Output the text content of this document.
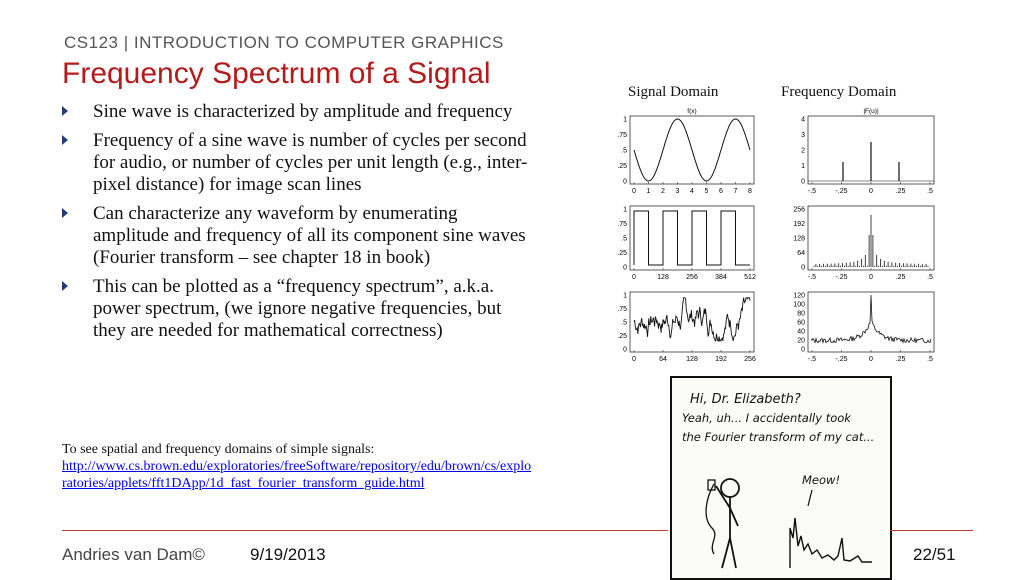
CS123 | INTRODUCTION TO COMPUTER GRAPHICS
Frequency Spectrum of a Signal
Sine wave is characterized by amplitude and frequency
Frequency of a sine wave is number of cycles per second for audio, or number of cycles per unit length (e.g., inter-pixel distance) for image scan lines
Can characterize any waveform by enumerating amplitude and frequency of all its component sine waves (Fourier transform – see chapter 18 in book)
This can be plotted as a “frequency spectrum”, a.k.a. power spectrum, (we ignore negative frequencies, but they are needed for mathematical correctness)
To see spatial and frequency domains of simple signals:
http://www.cs.brown.edu/exploratories/freeSoftware/repository/edu/brown/cs/exploratories/applets/fft1DApp/1d_fast_fourier_transform_guide.html
Signal Domain	Frequency Domain
f(x)
1
.75
.5
.25
0
0 1 2 3 4 5 6 7 8
|F(u)|
4
3
2
1
0
-.5	-.25	0	.25	.5
1
.75
.5
.25
0
0	128 256 384 512
256
192
128
64
0
-.5	-.25	0	.25	.5
1
.75
.5
.25
0
0	64	128 192 256
120
100
80
60
40
20
0
-.5	-.25	0	.25	.5
Hi, Dr. Elizabeth?
Yeah, uh... I accidentally took
the Fourier transform of my cat...
Meow!
Andries van Dam©	9/19/2013	22/51
